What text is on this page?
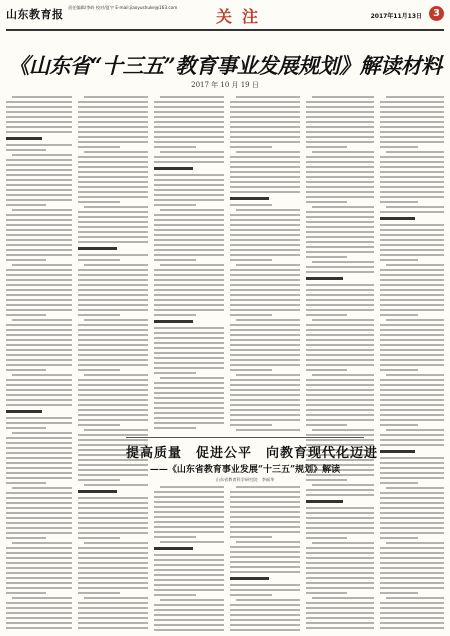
山东教育报
责任编辑/李岭 校对/夏宇 E-mail:jiaoyushuke@163.com 关注	2017年11月13日	3
《山东省“十三五”教育事业发展规划》解读材料
2017 年 10 月 19 日
提高质量　促进公平　向教育现代化迈进
——《山东省教育事业发展“十三五”规划》解读
山东省教育科学研究院　李福华
